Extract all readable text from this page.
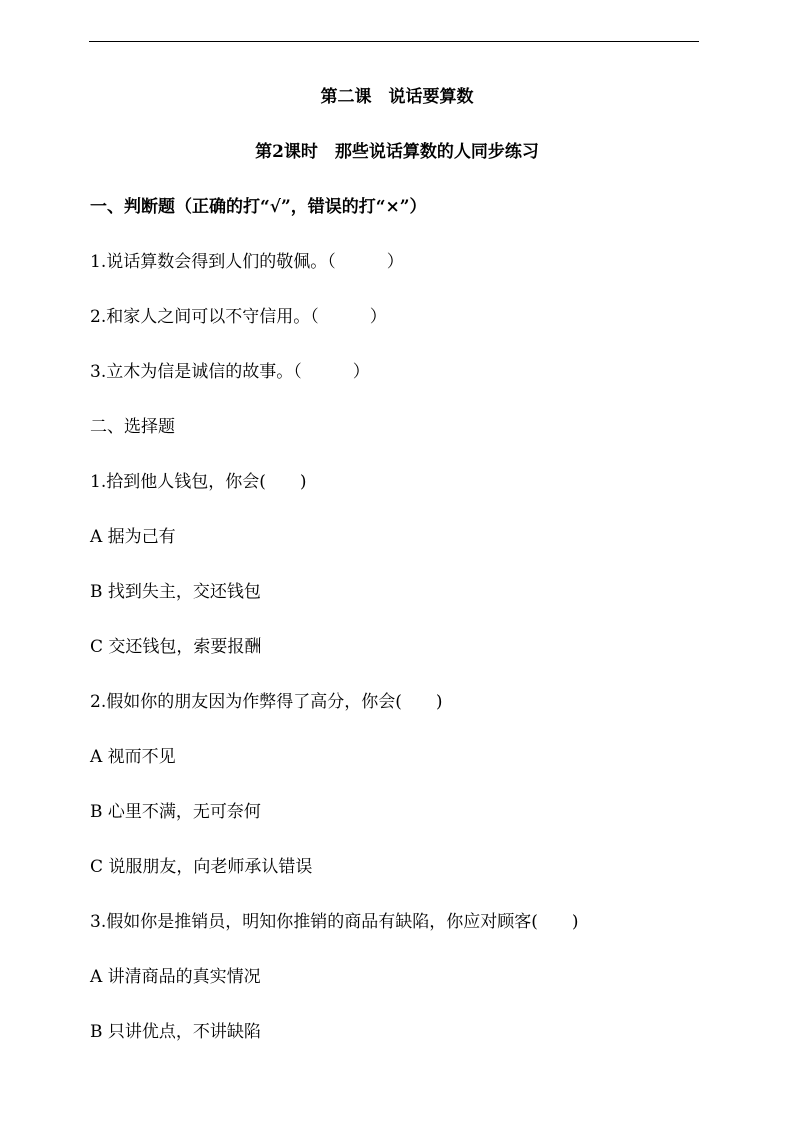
第二课　说话要算数
第2课时　那些说话算数的人同步练习
一、判断题（正确的打“√”，错误的打“×”）
1.说话算数会得到人们的敬佩。（　　　）
2.和家人之间可以不守信用。（　　　）
3.立木为信是诚信的故事。（　　　）
二、选择题
1.拾到他人钱包，你会(　　)
A 据为己有
B 找到失主，交还钱包
C 交还钱包，索要报酬
2.假如你的朋友因为作弊得了高分，你会(　　)
A 视而不见
B 心里不满，无可奈何
C 说服朋友，向老师承认错误
3.假如你是推销员，明知你推销的商品有缺陷，你应对顾客(　　)
A 讲清商品的真实情况
B 只讲优点，不讲缺陷
